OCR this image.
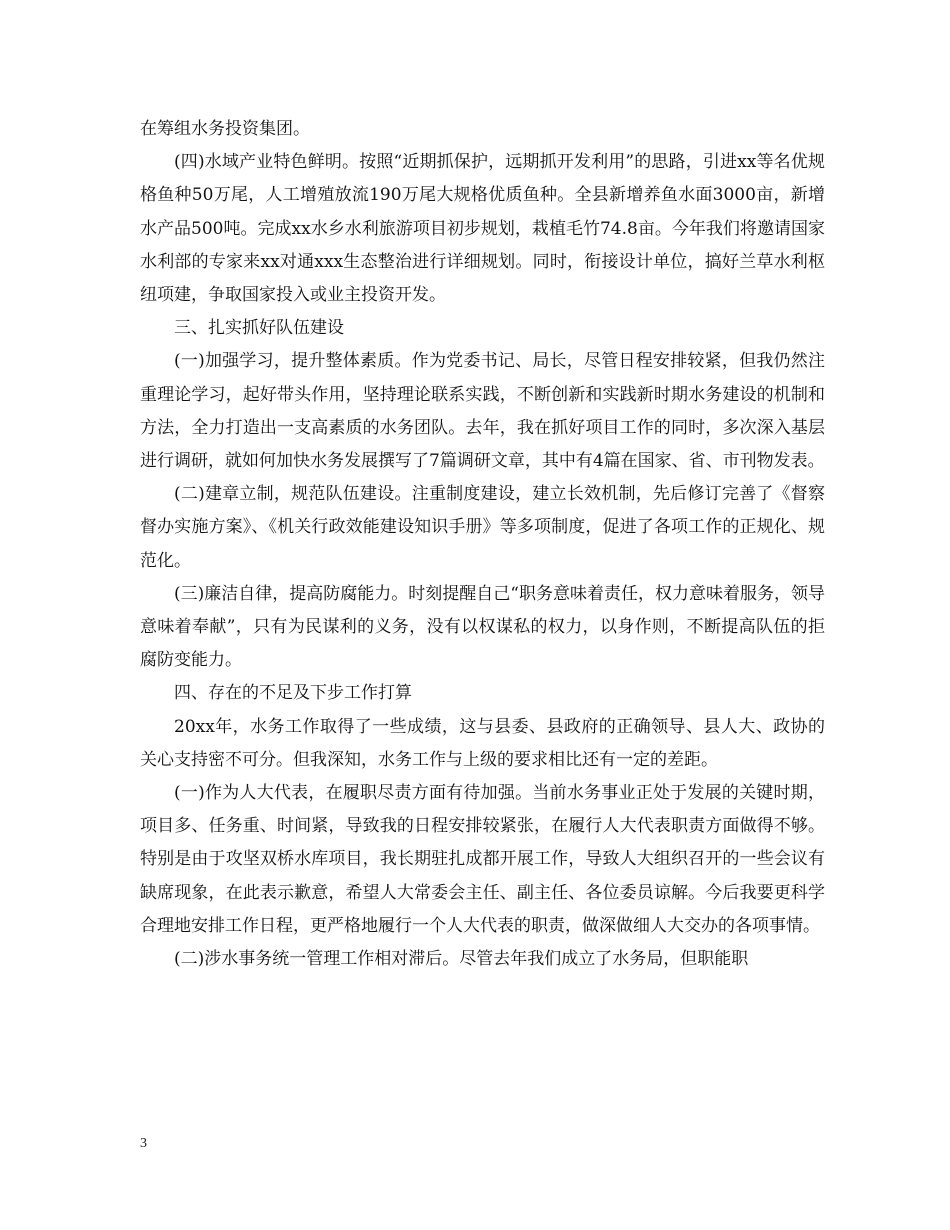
在筹组水务投资集团。

(四)水域产业特色鲜明。按照“近期抓保护，远期抓开发利用”的思路，引进xx等名优规格鱼种50万尾，人工增殖放流190万尾大规格优质鱼种。全县新增养鱼水面3000亩，新增水产品500吨。完成xx水乡水利旅游项目初步规划，栽植毛竹74.8亩。今年我们将邀请国家水利部的专家来xx对通xxx生态整治进行详细规划。同时，衔接设计单位，搞好兰草水利枢纽项建，争取国家投入或业主投资开发。

三、扎实抓好队伍建设

(一)加强学习，提升整体素质。作为党委书记、局长，尽管日程安排较紧，但我仍然注重理论学习，起好带头作用，坚持理论联系实践，不断创新和实践新时期水务建设的机制和方法，全力打造出一支高素质的水务团队。去年，我在抓好项目工作的同时，多次深入基层进行调研，就如何加快水务发展撰写了7篇调研文章，其中有4篇在国家、省、市刊物发表。

(二)建章立制，规范队伍建设。注重制度建设，建立长效机制，先后修订完善了《督察督办实施方案》、《机关行政效能建设知识手册》等多项制度，促进了各项工作的正规化、规范化。

(三)廉洁自律，提高防腐能力。时刻提醒自己“职务意味着责任，权力意味着服务，领导意味着奉献”，只有为民谋利的义务，没有以权谋私的权力，以身作则，不断提高队伍的拒腐防变能力。

四、存在的不足及下步工作打算

20xx年，水务工作取得了一些成绩，这与县委、县政府的正确领导、县人大、政协的关心支持密不可分。但我深知，水务工作与上级的要求相比还有一定的差距。

(一)作为人大代表，在履职尽责方面有待加强。当前水务事业正处于发展的关键时期，项目多、任务重、时间紧，导致我的日程安排较紧张，在履行人大代表职责方面做得不够。特别是由于攻坚双桥水库项目，我长期驻扎成都开展工作，导致人大组织召开的一些会议有缺席现象，在此表示歉意，希望人大常委会主任、副主任、各位委员谅解。今后我要更科学合理地安排工作日程，更严格地履行一个人大代表的职责，做深做细人大交办的各项事情。

(二)涉水事务统一管理工作相对滞后。尽管去年我们成立了水务局，但职能职

3
